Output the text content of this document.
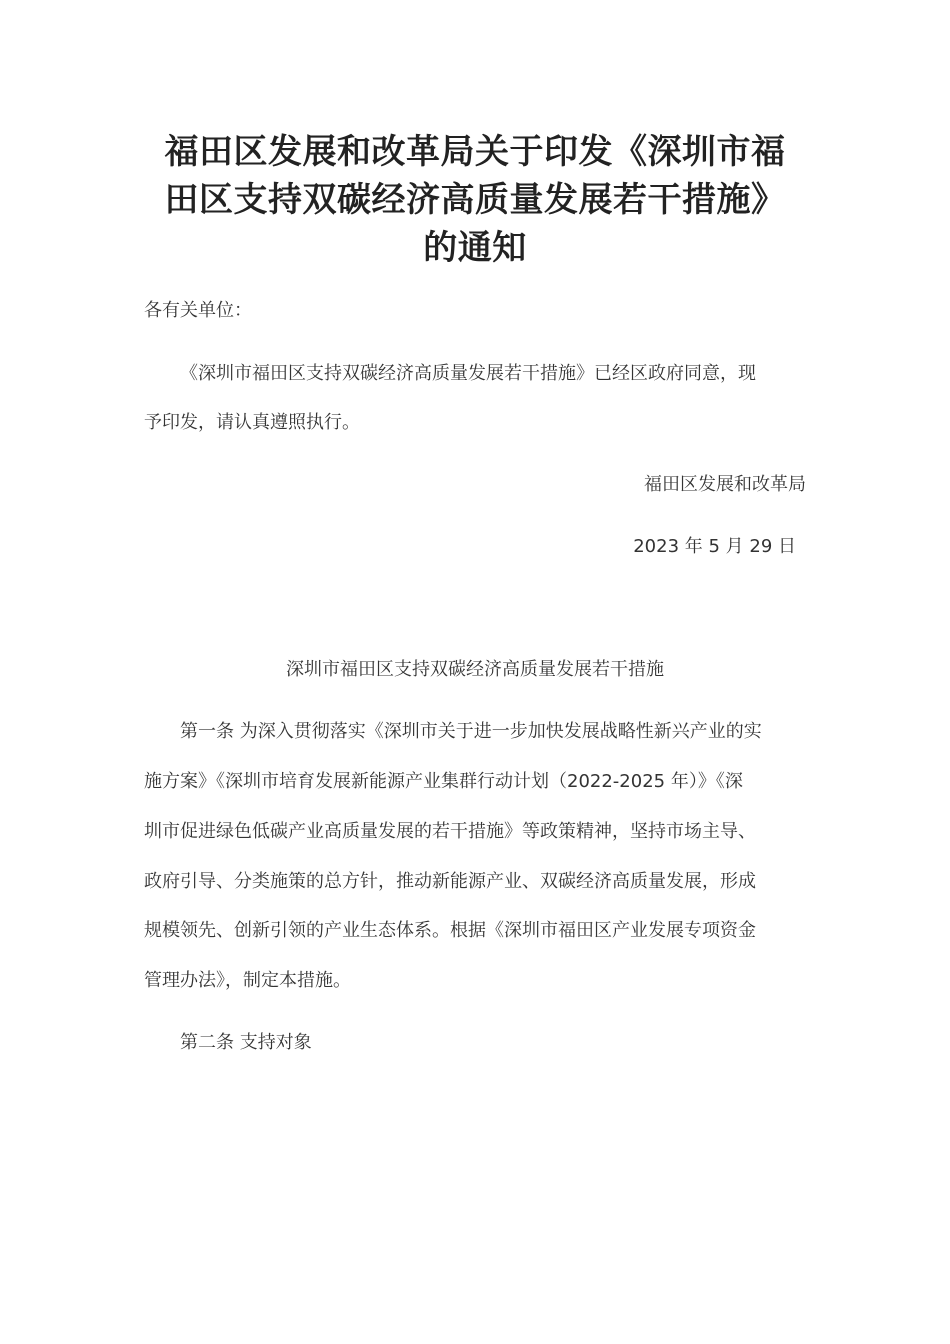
福田区发展和改革局关于印发《深圳市福
田区支持双碳经济高质量发展若干措施》
的通知
各有关单位：
《深圳市福田区支持双碳经济高质量发展若干措施》已经区政府同意，现
予印发，请认真遵照执行。
福田区发展和改革局
2023 年 5 月 29 日
深圳市福田区支持双碳经济高质量发展若干措施
第一条 为深入贯彻落实《深圳市关于进一步加快发展战略性新兴产业的实
施方案》《深圳市培育发展新能源产业集群行动计划（2022-2025 年）》《深
圳市促进绿色低碳产业高质量发展的若干措施》等政策精神，坚持市场主导、
政府引导、分类施策的总方针，推动新能源产业、双碳经济高质量发展，形成
规模领先、创新引领的产业生态体系。根据《深圳市福田区产业发展专项资金
管理办法》，制定本措施。
第二条 支持对象
